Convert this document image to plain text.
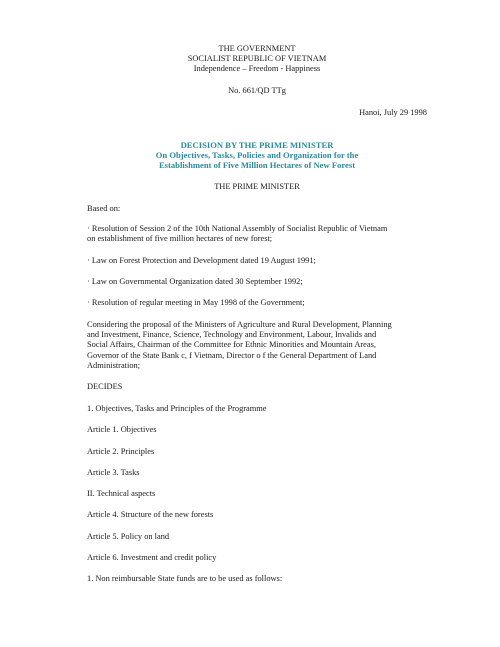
THE GOVERNMENT
SOCIALIST REPUBLIC OF VIETNAM
Independence – Freedom - Happiness
No. 661/QD TTg
Hanoi, July 29 1998
DECISION BY THE PRIME MINISTER
On Objectives, Tasks, Policies and Organization for the
Establishment of Five Million Hectares of New Forest
THE PRIME MINISTER
Based on:

· Resolution of Session 2 of the 10th National Assembly of Socialist Republic of Vietnam

on establishment of five million hectares of new forest;

· Law on Forest Protection and Development dated 19 August 1991;
· Law on Governmental Organization dated 30 September 1992;
· Resolution of regular meeting in May 1998 of the Government;

Considering the proposal of the Ministers of Agriculture and Rural Development, Planning

and Investment, Finance, Science, Technology and Environment, Labour, Invalids and

Social Affairs, Chairman of the Committee for Ethnic Minorities and Mountain Areas,

Governor of the State Bank c, f Vietnam, Director o f the General Department of Land

Administration;

DECIDES
1. Objectives, Tasks and Principles of the Programme
Article 1. Objectives
Article 2. Principles
Article 3. Tasks
II. Technical aspects
Article 4. Structure of the new forests
Article 5. Policy on land
Article 6. Investment and credit policy
1. Non reimbursable State funds are to be used as follows:
